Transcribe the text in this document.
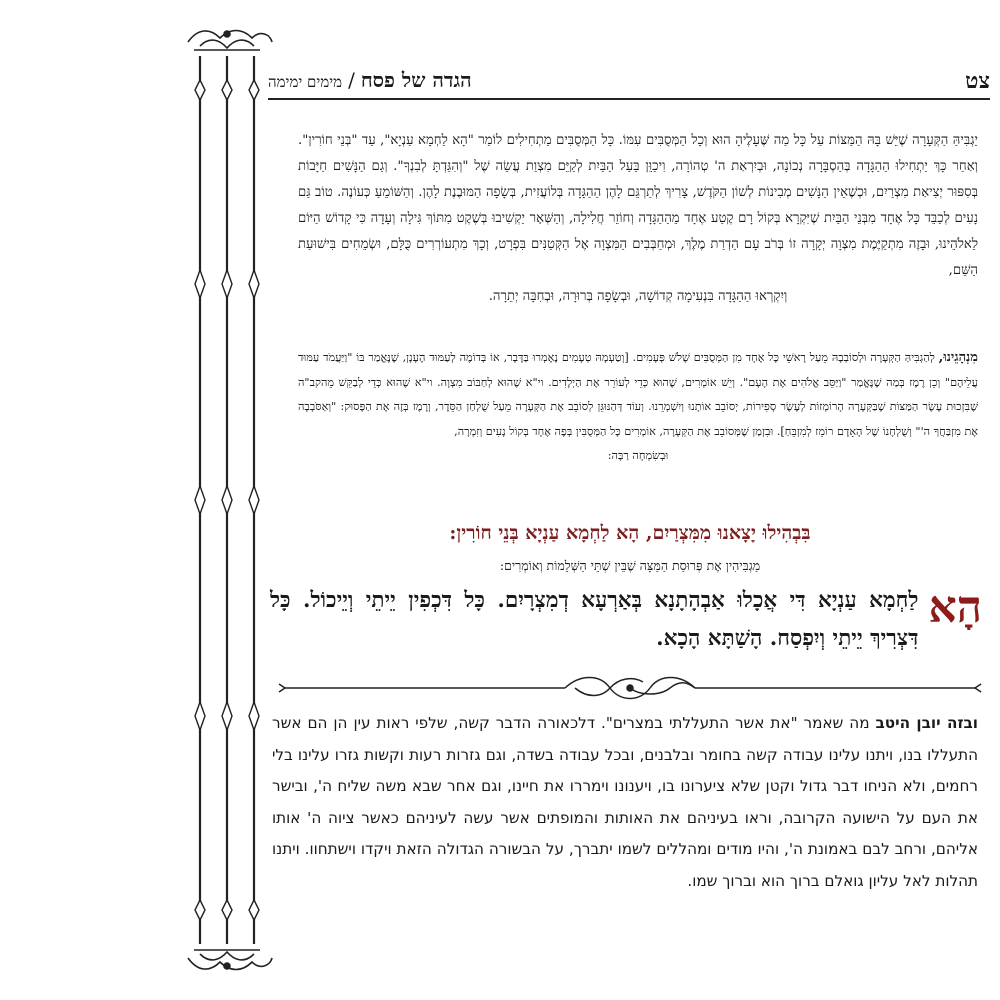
צט
הגדה של פסח/מימים ימימה
יַגְבִּיהַּ הַקְּעָרָה שֶׁיֵּשׁ בָּהּ הַמַּצּוֹת עַל כָּל מַה שֶּׁעָלֶיהָ הוּא וְכָל הַמְּסֻבִּים עִמּוֹ. כָּל הַמְּסֻבִּים מַתְחִילִים לוֹמַר "הָא לַחְמָא עַנְיָא", עַד "בְּנֵי חוֹרִין". וְאַחַר כָּךְ יַתְחִילוּ הַהַגָּדָה בְּהַסְבָּרָה נְכוֹנָה, וּבְיִרְאַת ה' טְהוֹרָה, וִיכַוֵּן בַּעַל הַבַּיִת לְקַיֵּם מִצְוַת עֲשֵׂה שֶׁל "וְהִגַּדְתָּ לְבִנְךָ". וְגַם הַנָּשִׁים חַיָּבוֹת בְּסִפּוּר יְצִיאַת מִצְרַיִם, וּכְשֶׁאֵין הַנָּשִׁים מְבִינוֹת לְשׁוֹן הַקֹּדֶשׁ, צָרִיךְ לְתַרְגֵּם לָהֶן הַהַגָּדָה בְּלוֹעֲזִית, בְּשָׂפָה הַמּוּבֶנֶת לָהֶן. וְהַשּׁוֹמֵעַ כְּעוֹנֶה. טוֹב גַּם נָעִים לְכַבֵּד כָּל אֶחָד מִבְּנֵי הַבַּיִת שֶׁיִּקְרָא בְּקוֹל רָם קֶטַע אֶחָד מֵהַהַגָּדָה וְחוֹזֵר חֲלִילָה, וְהַשְּׁאָר יַקְשִׁיבוּ בְּשֶׁקֶט מִתּוֹךְ גִּילָה וְעָדָה כִּי קָדוֹשׁ הַיּוֹם לֵאלֹהֵינוּ, וּבָזֶה מִתְקַיֶּמֶת מִצְוָה יְקָרָה זוֹ בְּרֹב עָם הַדְרַת מֶלֶךְ, וּמְחַבְּבִים הַמִּצְוָה אֶל הַקְּטַנִּים בִּפְרָט, וְכָךְ מִתְעוֹרְרִים כֻּלָּם, וּשְׂמֵחִים בִּישׁוּעַת הַשֵּׁם,
וְיִקְרְאוּ הַהַגָּדָה בִּנְעִימָה קְדוֹשָׁה, וּבְשָׂפָה בְּרוּרָה, וּבְחִבָּה יְתֵרָה.
מִנְהָגֵינוּ, לְהַגְבִּיהַּ הַקְּעָרָה וּלְסוֹבְבָהּ מֵעַל רָאשֵׁי כָּל אֶחָד מִן הַמְּסֻבִּים שָׁלֹשׁ פְּעָמִים. [וְטַעְמָהּ טְעָמִים נֶאֶמְרוּ בַּדָּבָר, אוֹ בְּדוֹמֶה לְעַמּוּד הֶעָנָן, שֶׁנֶּאֱמַר בּוֹ "וַיַּעֲמֹד עַמּוּד עֲלֵיהֶם" וְכֵן רֶמֶז בְּמַה שֶׁנֶּאֱמַר "וַיַּסֵּב אֱלֹהִים אֶת הָעָם". וְיֵשׁ אוֹמְרִים, שֶׁהוּא כְּדֵי לְעוֹרֵר אֶת הַיְלָדִים. וי"א שֶׁהוּא לְחַבּוֹב מִצְוָה. וי"א שֶׁהוּא כְּדֵי לְבַקֵּשׁ מֵהקב"ה שֶׁבִּזְכוּת עֶשֶׂר הַמַּצּוֹת שֶׁבַּקְּעָרָה הָרוֹמְזוֹת לְעֶשֶׂר סְפִירוֹת, יְסוֹבֵב אוֹתָנוּ וְיִשְׁמְרֵנוּ. וְעוֹד דְּהַנּוּגֵּן לְסוֹבֵב אֶת הַקְּעָרָה מֵעַל שֻׁלְחַן הַסֵּדֶר, וְרֶמֶז בְּזֶה אֶת הַפָּסוּק: "וְאַסֹּבְבָה אֶת מִזְבַּחֲךָ ה'" וְשֻׁלְחָנוֹ שֶׁל הָאָדָם רוֹמֵז לְמִזְבֵּחַ]. וּבִזְמַן שֶׁמְּסוֹבֵב אֶת הַקְּעָרָה, אוֹמְרִים כָּל הַמְּסֻבִּין בְּפֶה אֶחָד בְּקוֹל נָעִים וְזִמְרָה,
וּבְשִׂמְחָה רַבָּה:
בִּבְהִילוּ יָצָאנוּ מִמִּצְרַיִם, הָא לַחְמָא עַנְיָא בְּנֵי חוֹרִין:
מַגְבִּיהִין אֶת פְּרוּסַת הַמַּצָּה שֶׁבֵּין שְׁתֵּי הַשְּׁלֵמוֹת וְאוֹמְרִים:
הָא
לַחְמָא עַנְיָא דִּי אֲכָלוּ אַבְהָתָנָא בְּאַרְעָא דְמִצְרָיִם. כָּל דִּכְפִין יֵיתֵי וְיֵיכוֹל. כָּל דִּצְרִיךְ יֵיתֵי וְיִפְסַח. הָשַׁתָּא הָכָא.
ובזה יובן היטב מה שאמר "את אשר התעללתי במצרים". דלכאורה הדבר קשה, שלפי ראות עין הן הם אשר התעללו בנו, ויתנו עלינו עבודה קשה בחומר ובלבנים, ובכל עבודה בשדה, וגם גזרות רעות וקשות גזרו עלינו בלי רחמים, ולא הניחו דבר גדול וקטן שלא ציערונו בו, ויענונו וימררו את חיינו, וגם אחר שבא משה שליח ה', ובישר את העם על הישועה הקרובה, וראו בעיניהם את האותות והמופתים אשר עשה לעיניהם כאשר ציוה ה' אותו אליהם, ורחב לבם באמונת ה', והיו מודים ומהללים לשמו יתברך, על הבשורה הגדולה הזאת ויקדו וישתחוו. ויתנו תהלות לאל עליון גואלם ברוך הוא וברוך שמו.
